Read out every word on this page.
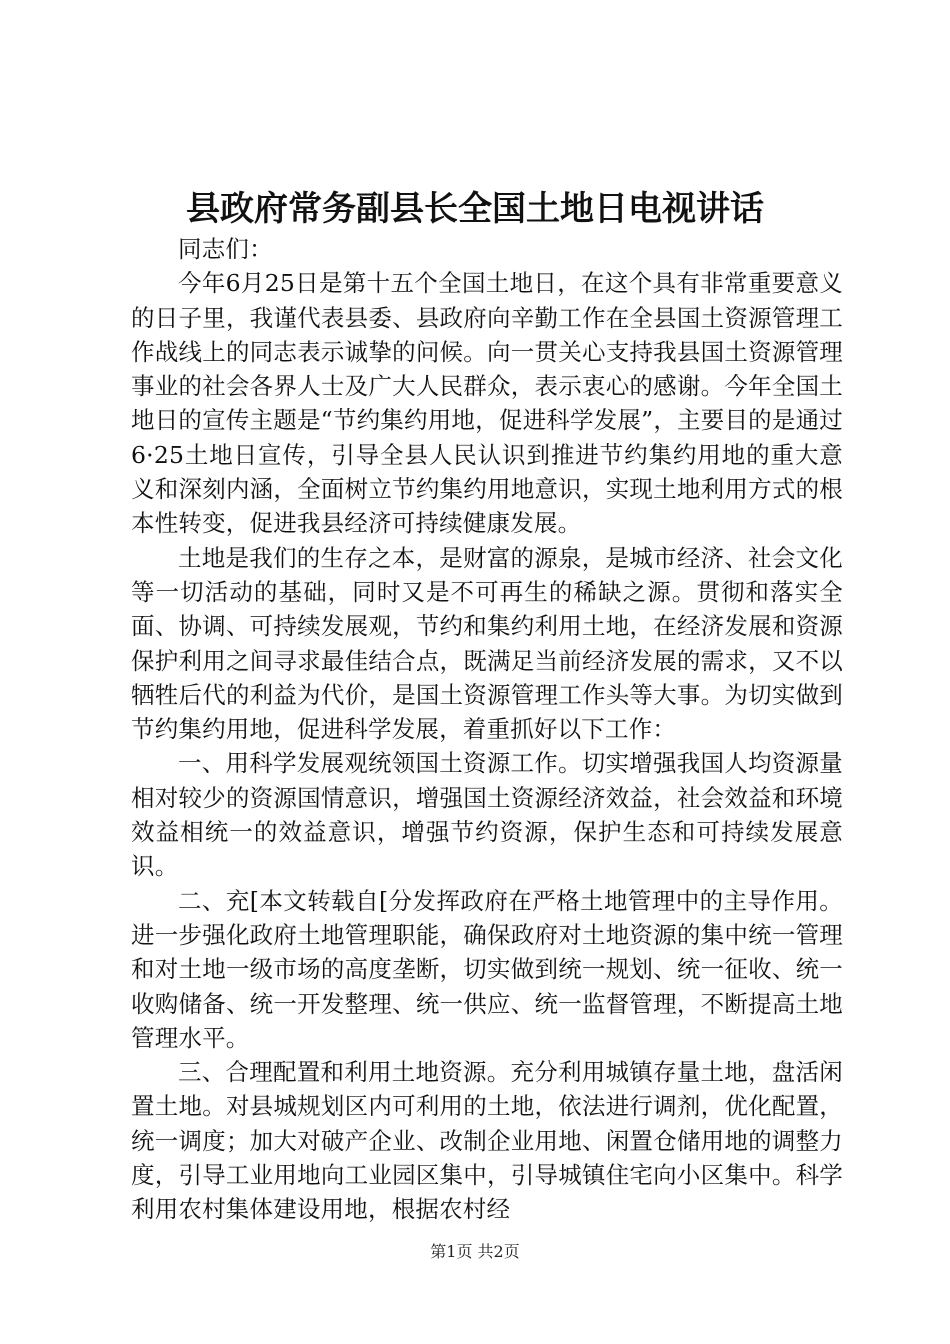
县政府常务副县长全国土地日电视讲话

同志们：

今年6月25日是第十五个全国土地日，在这个具有非常重要意义的日子里，我谨代表县委、县政府向辛勤工作在全县国土资源管理工作战线上的同志表示诚挚的问候。向一贯关心支持我县国土资源管理事业的社会各界人士及广大人民群众，表示衷心的感谢。今年全国土地日的宣传主题是“节约集约用地，促进科学发展”，主要目的是通过6·25土地日宣传，引导全县人民认识到推进节约集约用地的重大意义和深刻内涵，全面树立节约集约用地意识，实现土地利用方式的根本性转变，促进我县经济可持续健康发展。

土地是我们的生存之本，是财富的源泉，是城市经济、社会文化等一切活动的基础，同时又是不可再生的稀缺之源。贯彻和落实全面、协调、可持续发展观，节约和集约利用土地，在经济发展和资源保护利用之间寻求最佳结合点，既满足当前经济发展的需求，又不以牺牲后代的利益为代价，是国土资源管理工作头等大事。为切实做到节约集约用地，促进科学发展，着重抓好以下工作：

一、用科学发展观统领国土资源工作。切实增强我国人均资源量相对较少的资源国情意识，增强国土资源经济效益，社会效益和环境效益相统一的效益意识，增强节约资源，保护生态和可持续发展意识。

二、充[本文转载自[分发挥政府在严格土地管理中的主导作用。进一步强化政府土地管理职能，确保政府对土地资源的集中统一管理和对土地一级市场的高度垄断，切实做到统一规划、统一征收、统一收购储备、统一开发整理、统一供应、统一监督管理，不断提高土地管理水平。

三、合理配置和利用土地资源。充分利用城镇存量土地，盘活闲置土地。对县城规划区内可利用的土地，依法进行调剂，优化配置，统一调度；加大对破产企业、改制企业用地、闲置仓储用地的调整力度，引导工业用地向工业园区集中，引导城镇住宅向小区集中。科学利用农村集体建设用地，根据农村经

第1页 共2页
